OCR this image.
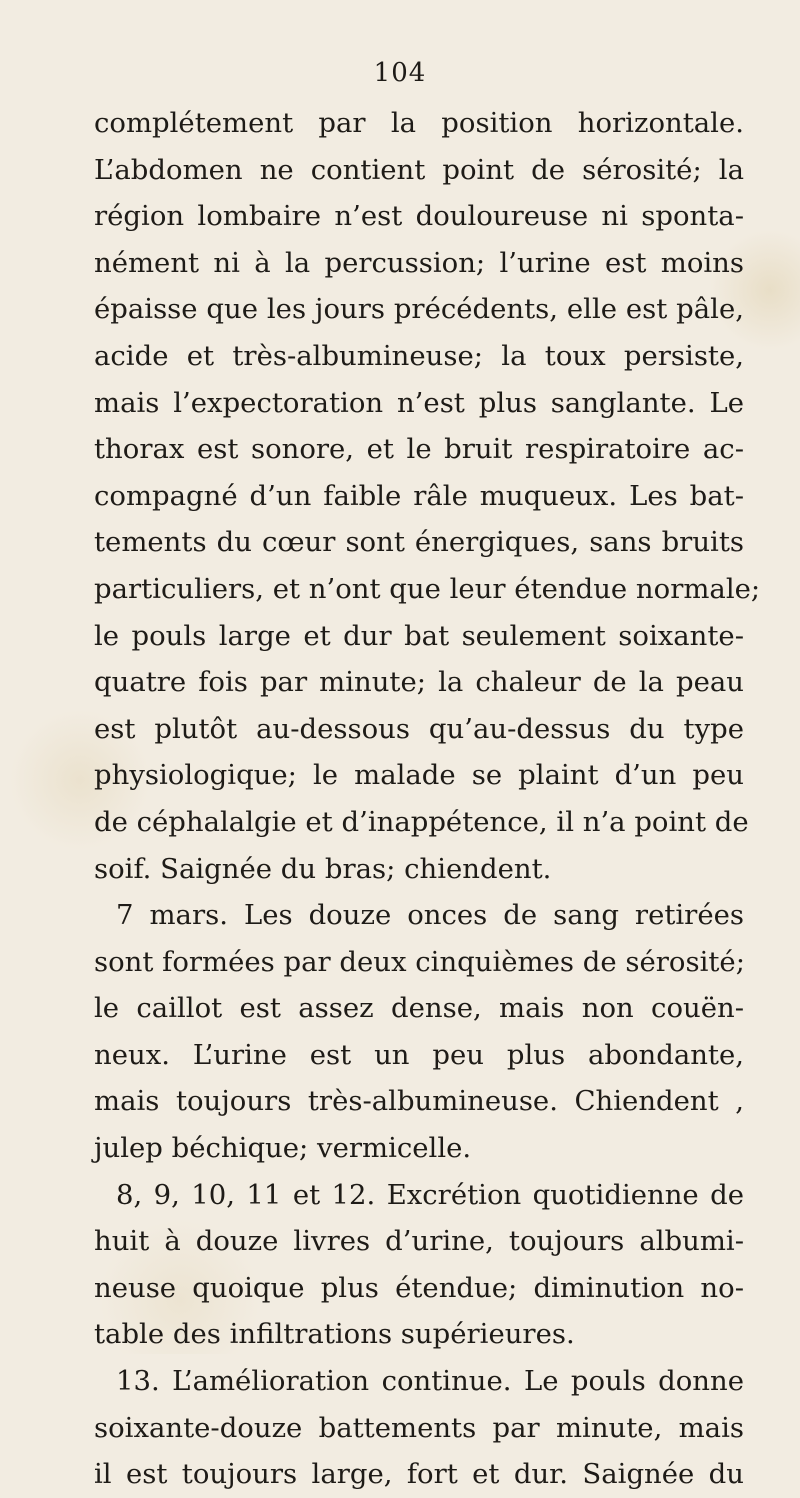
104
complétement par la position horizontale.
L’abdomen ne contient point de sérosité; la
région lombaire n’est douloureuse ni sponta-
nément ni à la percussion; l’urine est moins
épaisse que les jours précédents, elle est pâle,
acide et très-albumineuse; la toux persiste,
mais l’expectoration n’est plus sanglante. Le
thorax est sonore, et le bruit respiratoire ac-
compagné d’un faible râle muqueux. Les bat-
tements du cœur sont énergiques, sans bruits
particuliers, et n’ont que leur étendue normale;
le pouls large et dur bat seulement soixante-
quatre fois par minute; la chaleur de la peau
est plutôt au-dessous qu’au-dessus du type
physiologique; le malade se plaint d’un peu
de céphalalgie et d’inappétence, il n’a point de
soif. Saignée du bras; chiendent.
7 mars. Les douze onces de sang retirées
sont formées par deux cinquièmes de sérosité;
le caillot est assez dense, mais non couën-
neux. L’urine est un peu plus abondante,
mais toujours très-albumineuse. Chiendent ,
julep béchique; vermicelle.
8, 9, 10, 11 et 12. Excrétion quotidienne de
huit à douze livres d’urine, toujours albumi-
neuse quoique plus étendue; diminution no-
table des infiltrations supérieures.
13. L’amélioration continue. Le pouls donne
soixante-douze battements par minute, mais
il est toujours large, fort et dur. Saignée du
